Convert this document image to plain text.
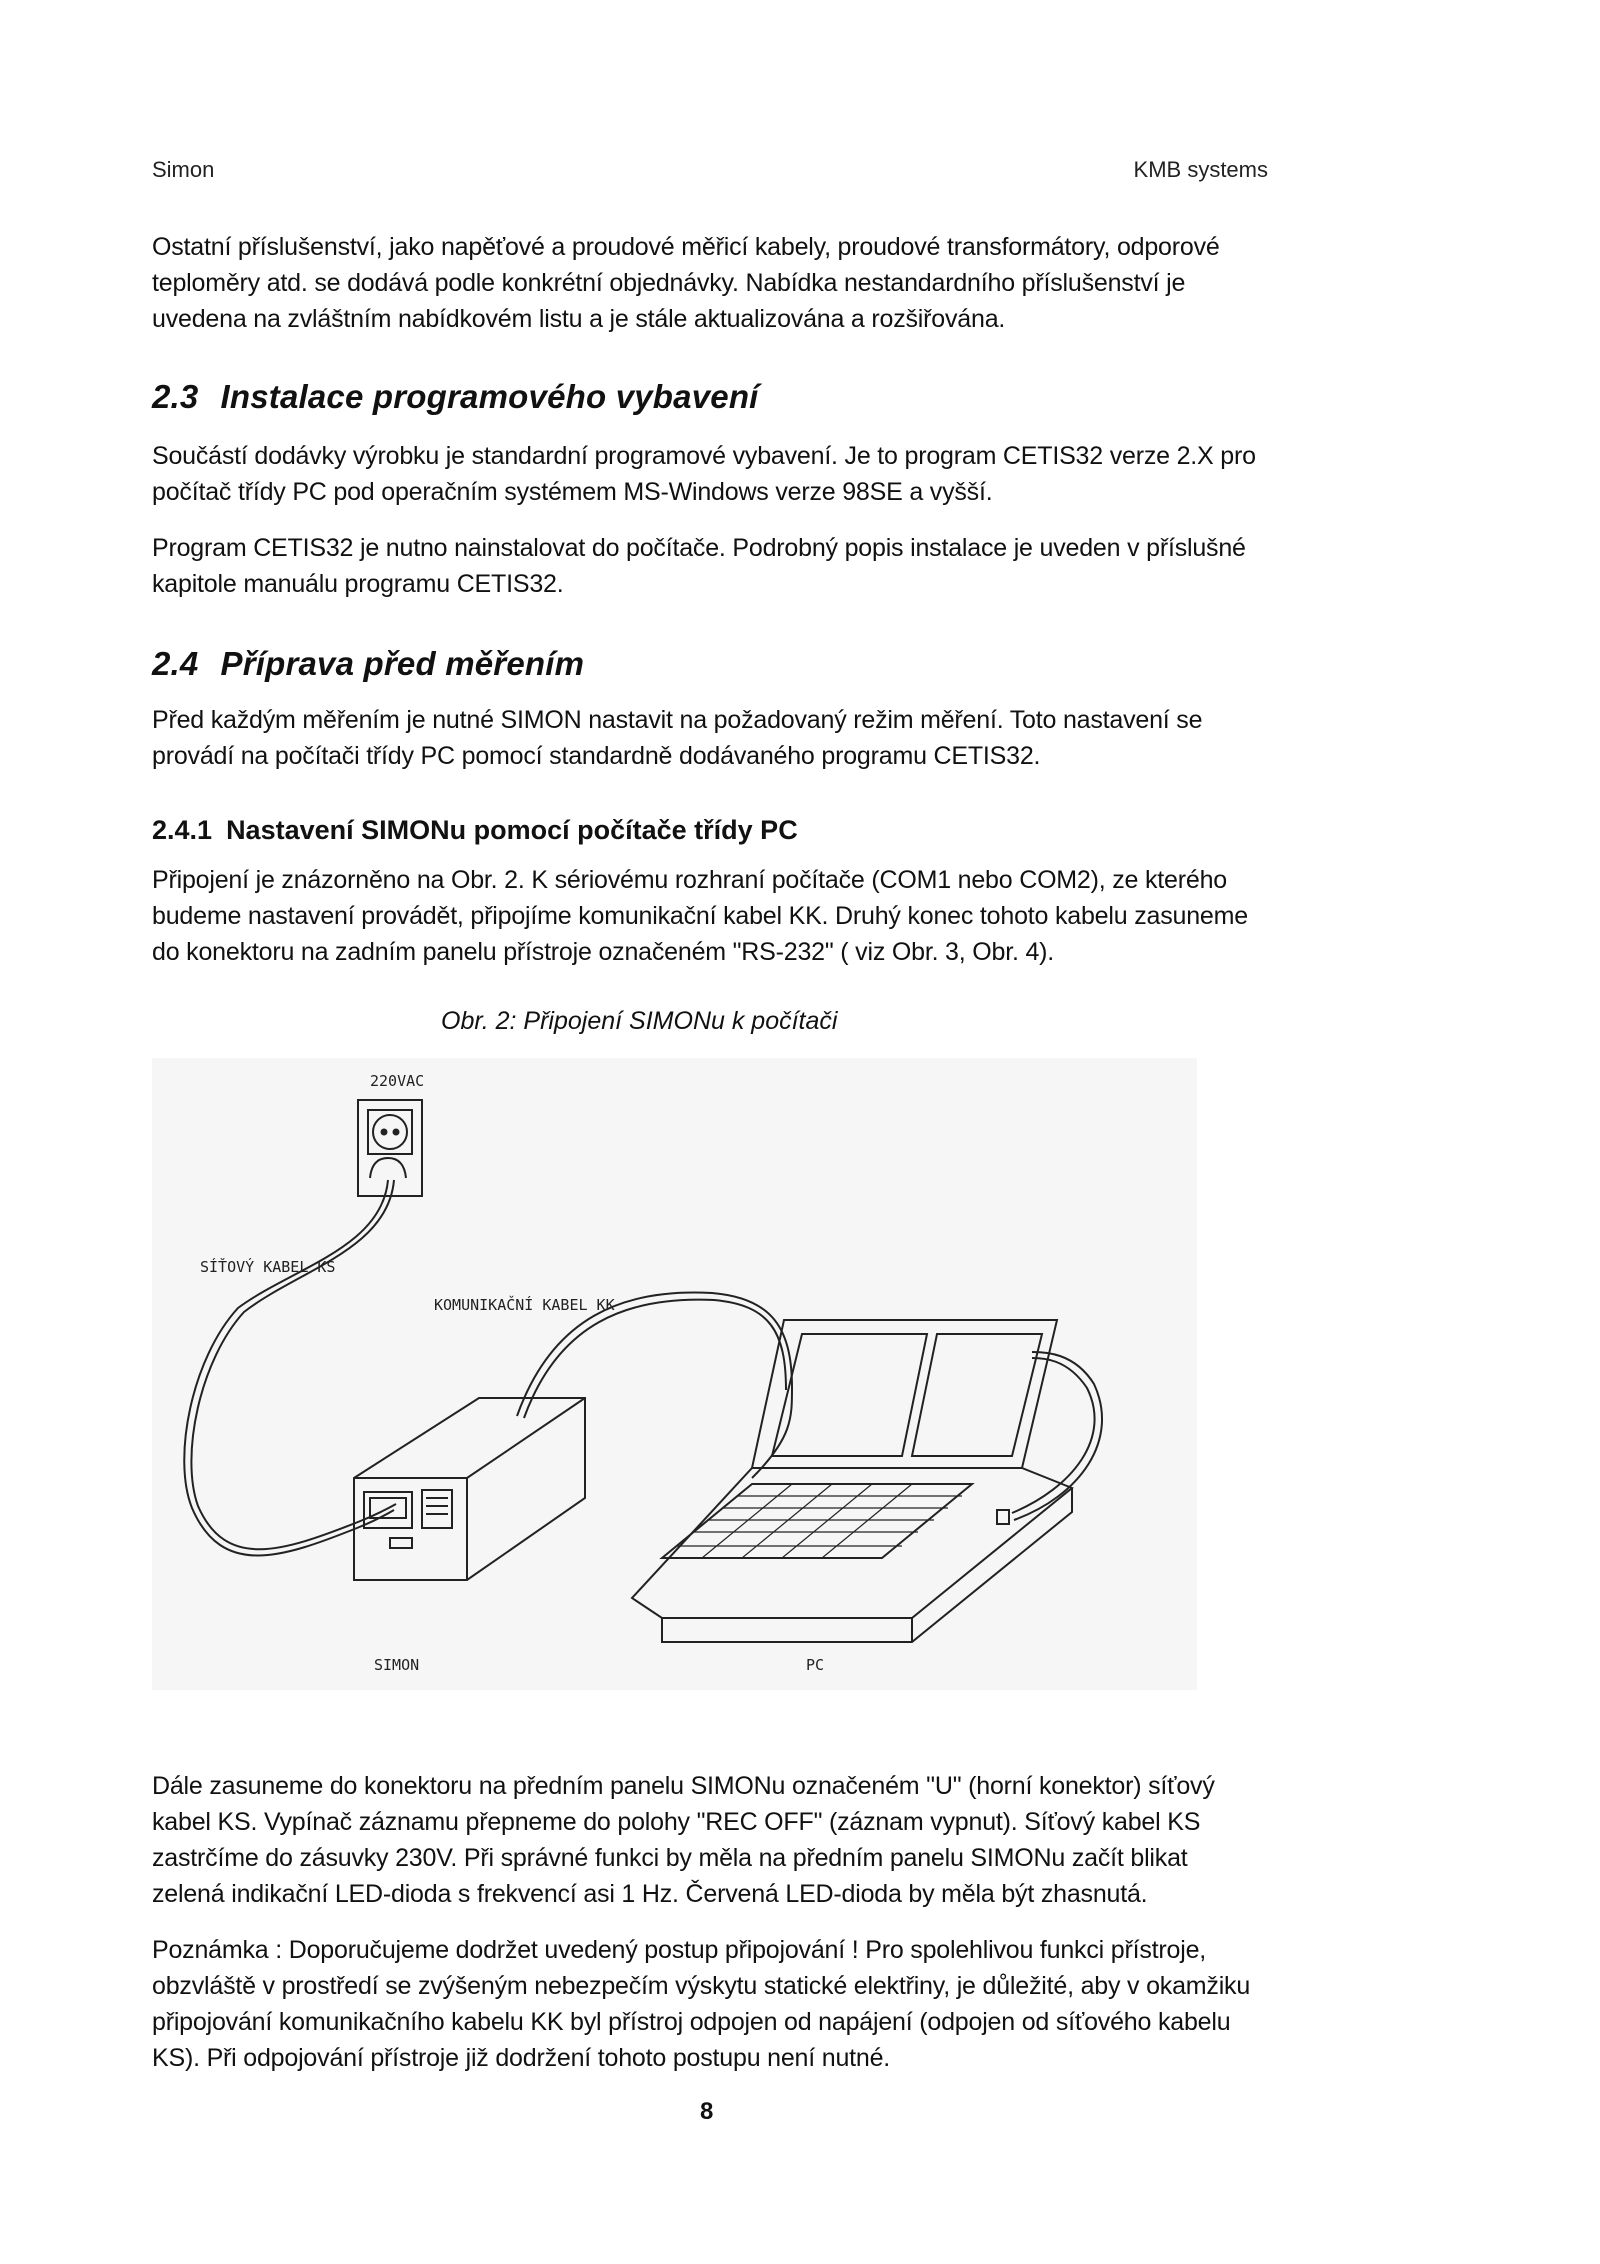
Simon	KMB systems

Ostatní příslušenství, jako napěťové a proudové měřicí kabely, proudové transformátory, odporové
teploměry atd. se dodává podle konkrétní objednávky. Nabídka nestandardního příslušenství je
uvedena na zvláštním nabídkovém listu a je stále aktualizována a rozšiřována.

2.3 Instalace programového vybavení

Součástí dodávky výrobku je standardní programové vybavení. Je to program CETIS32 verze 2.X pro
počítač třídy PC pod operačním systémem MS-Windows verze 98SE a vyšší.

Program CETIS32 je nutno nainstalovat do počítače. Podrobný popis instalace je uveden v příslušné
kapitole manuálu programu CETIS32.

2.4 Příprava před měřením

Před každým měřením je nutné SIMON nastavit na požadovaný režim měření. Toto nastavení se
provádí na počítači třídy PC pomocí standardně dodávaného programu CETIS32.

2.4.1 Nastavení SIMONu pomocí počítače třídy PC

Připojení je znázorněno na Obr. 2. K sériovému rozhraní počítače (COM1 nebo COM2), ze kterého
budeme nastavení provádět, připojíme komunikační kabel KK. Druhý konec tohoto kabelu zasuneme
do konektoru na zadním panelu přístroje označeném "RS-232" ( viz Obr. 3, Obr. 4).

Obr. 2: Připojení SIMONu k počítači
220VAC
SÍŤOVÝ KABEL KS
KOMUNIKAČNÍ KABEL KK
SIMON	PC

Dále zasuneme do konektoru na předním panelu SIMONu označeném "U" (horní konektor) síťový
kabel KS. Vypínač záznamu přepneme do polohy "REC OFF" (záznam vypnut). Síťový kabel KS
zastrčíme do zásuvky 230V. Při správné funkci by měla na předním panelu SIMONu začít blikat
zelená indikační LED-dioda s frekvencí asi 1 Hz. Červená LED-dioda by měla být zhasnutá.

Poznámka : Doporučujeme dodržet uvedený postup připojování ! Pro spolehlivou funkci přístroje,
obzvláště v prostředí se zvýšeným nebezpečím výskytu statické elektřiny, je důležité, aby v okamžiku
připojování komunikačního kabelu KK byl přístroj odpojen od napájení (odpojen od síťového kabelu
KS). Při odpojování přístroje již dodržení tohoto postupu není nutné.

8
